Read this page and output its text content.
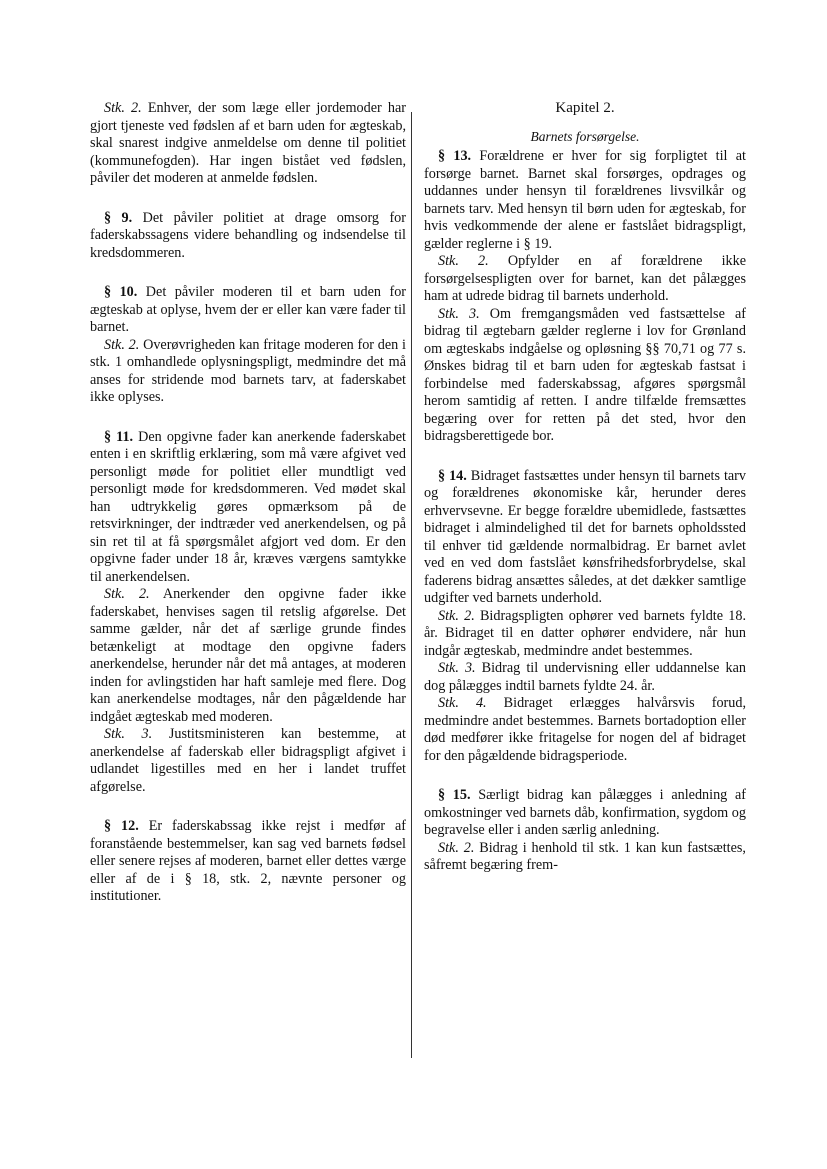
Stk. 2. Enhver, der som læge eller jordemoder har gjort tjeneste ved fødslen af et barn uden for ægteskab, skal snarest indgive anmeldelse om denne til politiet (kommunefogden). Har ingen bistået ved fødslen, påviler det moderen at anmelde fødslen.

§ 9. Det påviler politiet at drage omsorg for faderskabssagens videre behandling og indsendelse til kredsdommeren.

§ 10. Det påviler moderen til et barn uden for ægteskab at oplyse, hvem der er eller kan være fader til barnet.

Stk. 2. Overøvrigheden kan fritage moderen for den i stk. 1 omhandlede oplysningspligt, medmindre det må anses for stridende mod barnets tarv, at faderskabet ikke oplyses.

§ 11. Den opgivne fader kan anerkende faderskabet enten i en skriftlig erklæring, som må være afgivet ved personligt møde for politiet eller mundtligt ved personligt møde for kredsdommeren. Ved mødet skal han udtrykkelig gøres opmærksom på de retsvirkninger, der indtræder ved anerkendelsen, og på sin ret til at få spørgsmålet afgjort ved dom. Er den opgivne fader under 18 år, kræves værgens samtykke til anerkendelsen.

Stk. 2. Anerkender den opgivne fader ikke faderskabet, henvises sagen til retslig afgørelse. Det samme gælder, når det af særlige grunde findes betænkeligt at modtage den opgivne faders anerkendelse, herunder når det må antages, at moderen inden for avlingstiden har haft samleje med flere. Dog kan anerkendelse modtages, når den pågældende har indgået ægteskab med moderen.

Stk. 3. Justitsministeren kan bestemme, at anerkendelse af faderskab eller bidragspligt afgivet i udlandet ligestilles med en her i landet truffet afgørelse.

§ 12. Er faderskabssag ikke rejst i medfør af foranstående bestemmelser, kan sag ved barnets fødsel eller senere rejses af moderen, barnet eller dettes værge eller af de i § 18, stk. 2, nævnte personer og institutioner.

Kapitel 2.

Barnets forsørgelse.

§ 13. Forældrene er hver for sig forpligtet til at forsørge barnet. Barnet skal forsørges, opdrages og uddannes under hensyn til forældrenes livsvilkår og barnets tarv. Med hensyn til børn uden for ægteskab, for hvis vedkommende der alene er fastslået bidragspligt, gælder reglerne i § 19.

Stk. 2. Opfylder en af forældrene ikke forsørgelsespligten over for barnet, kan det pålægges ham at udrede bidrag til barnets underhold.

Stk. 3. Om fremgangsmåden ved fastsættelse af bidrag til ægtebarn gælder reglerne i lov for Grønland om ægteskabs indgåelse og opløsning §§ 70,71 og 77 s. Ønskes bidrag til et barn uden for ægteskab fastsat i forbindelse med faderskabssag, afgøres spørgsmål herom samtidig af retten. I andre tilfælde fremsættes begæring over for retten på det sted, hvor den bidragsberettigede bor.

§ 14. Bidraget fastsættes under hensyn til barnets tarv og forældrenes økonomiske kår, herunder deres erhvervsevne. Er begge forældre ubemidlede, fastsættes bidraget i almindelighed til det for barnets opholdssted til enhver tid gældende normalbidrag. Er barnet avlet ved en ved dom fastslået kønsfrihedsforbrydelse, skal faderens bidrag ansættes således, at det dækker samtlige udgifter ved barnets underhold.

Stk. 2. Bidragspligten ophører ved barnets fyldte 18. år. Bidraget til en datter ophører endvidere, når hun indgår ægteskab, medmindre andet bestemmes.

Stk. 3. Bidrag til undervisning eller uddannelse kan dog pålægges indtil barnets fyldte 24. år.

Stk. 4. Bidraget erlægges halvårsvis forud, medmindre andet bestemmes. Barnets bortadoption eller død medfører ikke fritagelse for nogen del af bidraget for den pågældende bidragsperiode.

§ 15. Særligt bidrag kan pålægges i anledning af omkostninger ved barnets dåb, konfirmation, sygdom og begravelse eller i anden særlig anledning.

Stk. 2. Bidrag i henhold til stk. 1 kan kun fastsættes, såfremt begæring frem-
